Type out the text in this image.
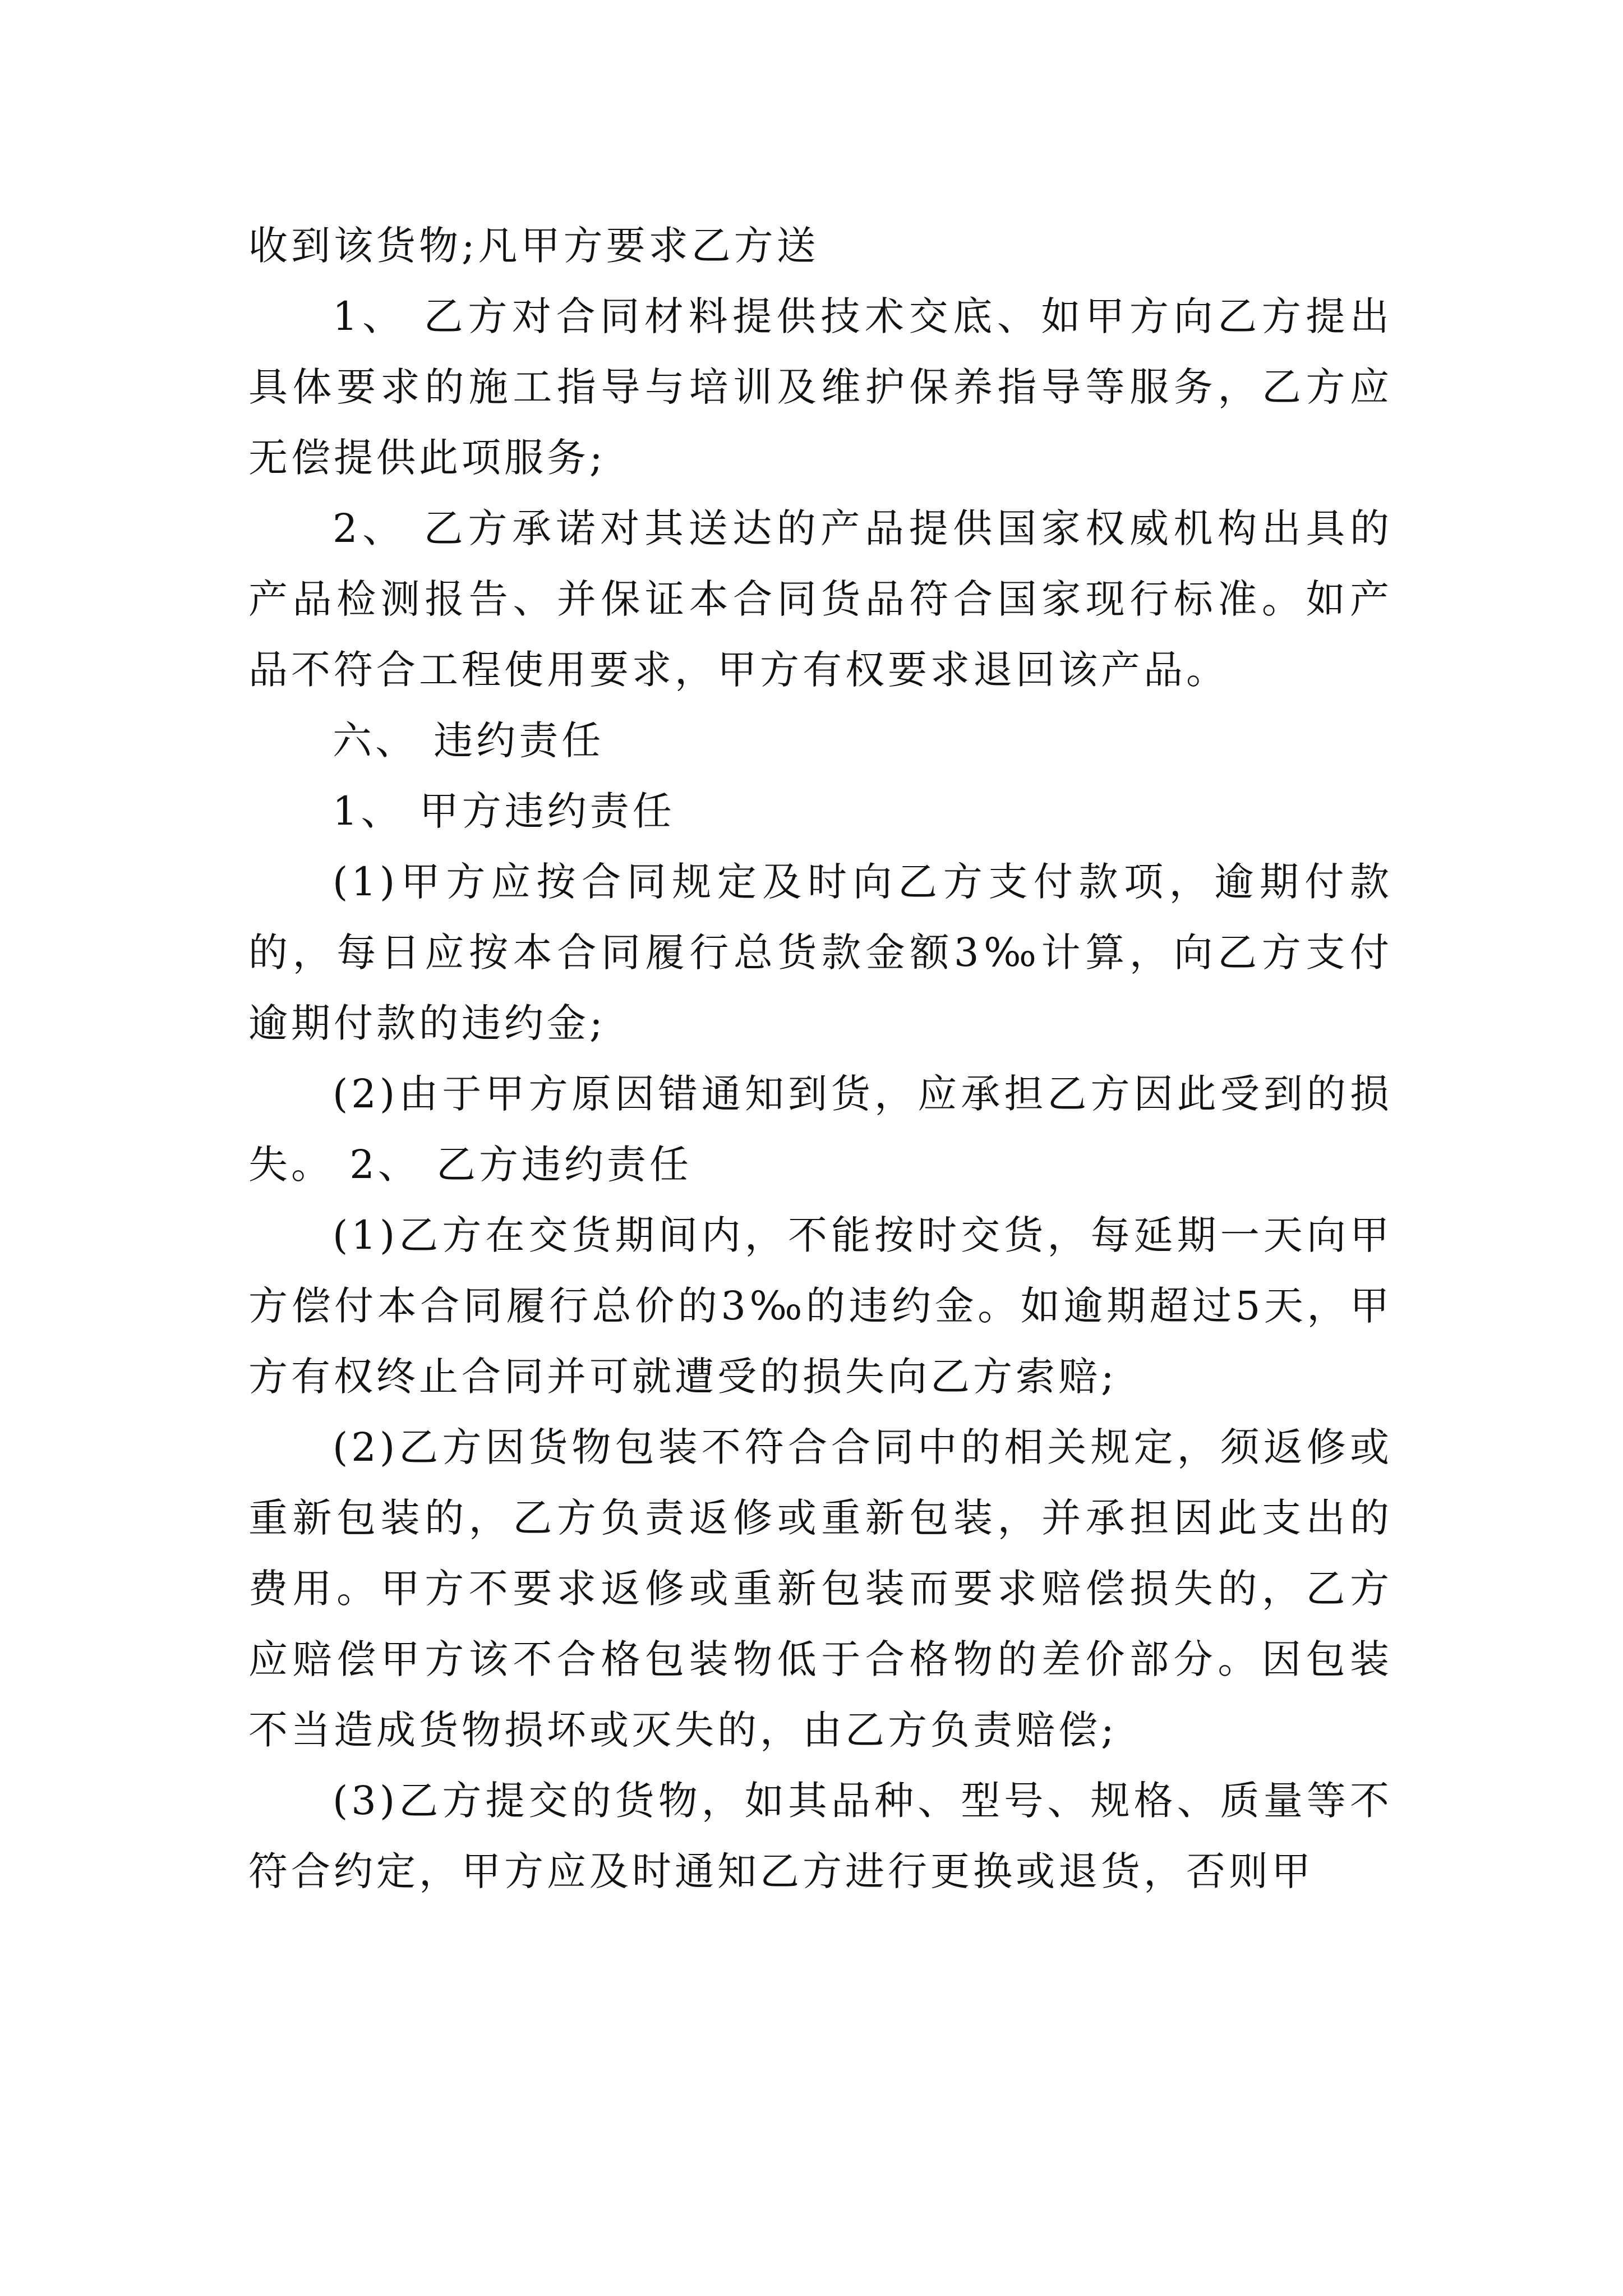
收到该货物;凡甲方要求乙方送

1、 乙方对合同材料提供技术交底、如甲方向乙方提出具体要求的施工指导与培训及维护保养指导等服务，乙方应无偿提供此项服务;

2、 乙方承诺对其送达的产品提供国家权威机构出具的产品检测报告、并保证本合同货品符合国家现行标准。如产品不符合工程使用要求，甲方有权要求退回该产品。

六、 违约责任

1、 甲方违约责任

(1)甲方应按合同规定及时向乙方支付款项，逾期付款的，每日应按本合同履行总货款金额3‰计算，向乙方支付逾期付款的违约金;

(2)由于甲方原因错通知到货，应承担乙方因此受到的损失。 2、 乙方违约责任

(1)乙方在交货期间内，不能按时交货，每延期一天向甲方偿付本合同履行总价的3‰的违约金。如逾期超过5天，甲方有权终止合同并可就遭受的损失向乙方索赔;

(2)乙方因货物包装不符合合同中的相关规定，须返修或重新包装的，乙方负责返修或重新包装，并承担因此支出的费用。甲方不要求返修或重新包装而要求赔偿损失的，乙方应赔偿甲方该不合格包装物低于合格物的差价部分。因包装不当造成货物损坏或灭失的，由乙方负责赔偿;

(3)乙方提交的货物，如其品种、型号、规格、质量等不符合约定，甲方应及时通知乙方进行更换或退货，否则甲
